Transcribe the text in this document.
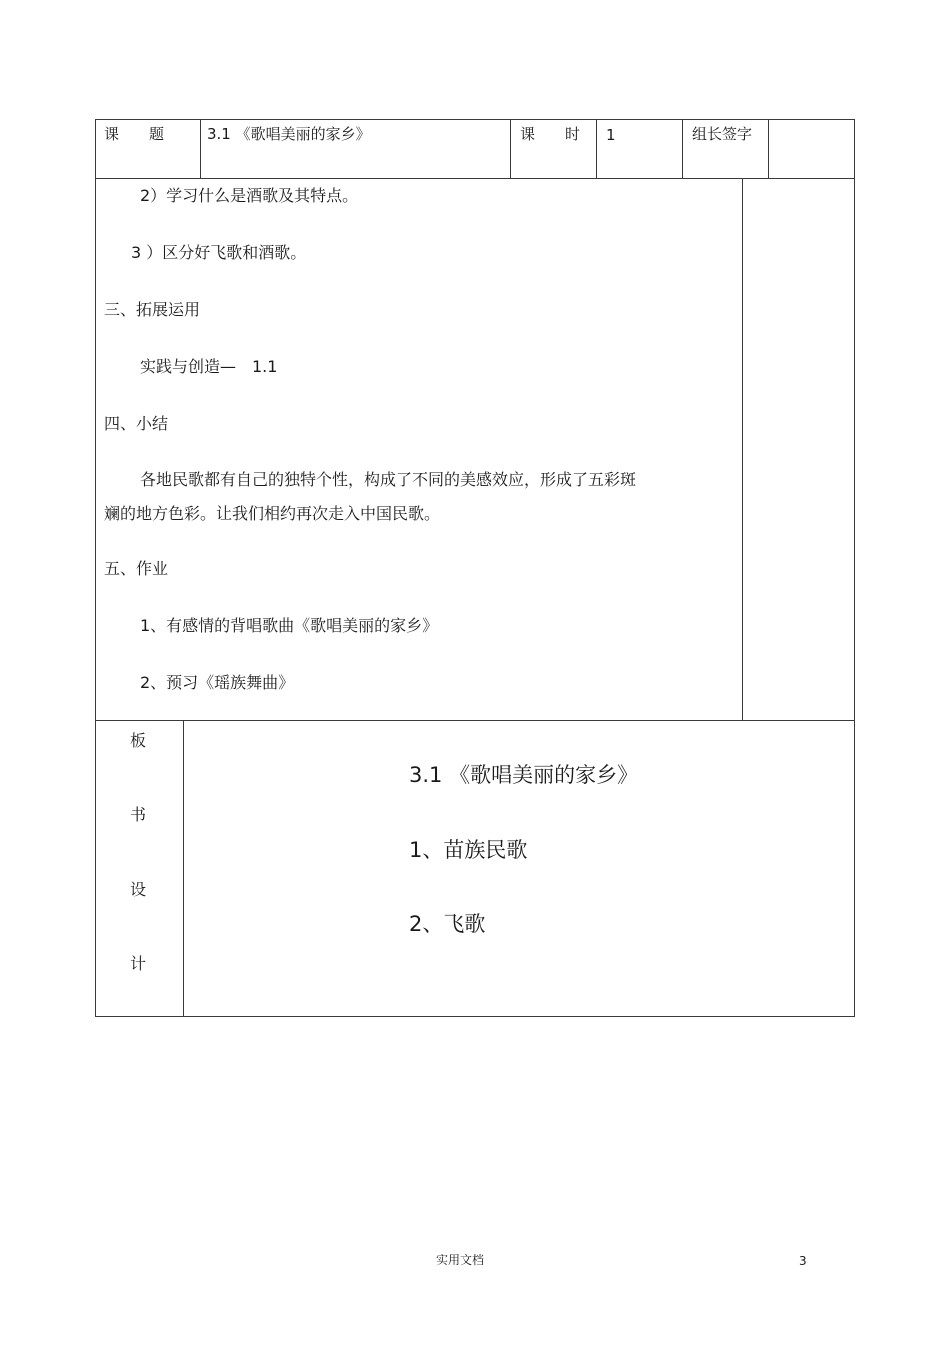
课　　题	3.1 《歌唱美丽的家乡》	课　　时 1	组长签字
2）学习什么是酒歌及其特点。
3 ）区分好飞歌和酒歌。
三、拓展运用
实践与创造—　1.1
四、小结
各地民歌都有自己的独特个性，构成了不同的美感效应，形成了五彩斑
斓的地方色彩。让我们相约再次走入中国民歌。
五、作业
1、有感情的背唱歌曲《歌唱美丽的家乡》
2、预习《瑶族舞曲》
板
书
设
计
3.1 《歌唱美丽的家乡》
1、苗族民歌
2、飞歌
实用文档	3
